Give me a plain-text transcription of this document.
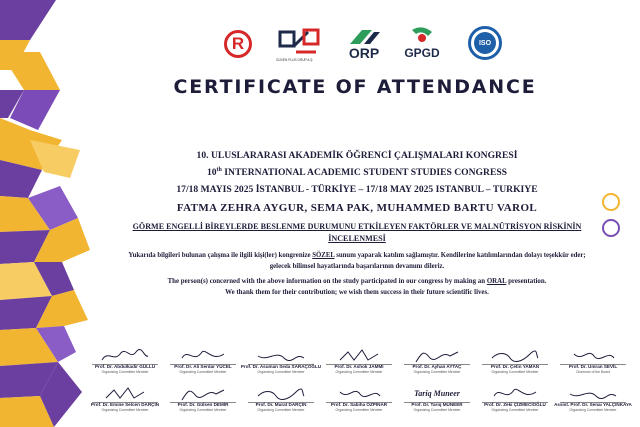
R
GÜVEN PLUS GRUP A.Ş.	ORP	GPGD
ISO
CERTIFICATE OF ATTENDANCE
10. ULUSLARARASI AKADEMİK ÖĞRENCİ ÇALIŞMALARI KONGRESİ
10th INTERNATIONAL ACADEMIC STUDENT STUDIES CONGRESS
17/18 MAYIS 2025 İSTANBUL - TÜRKİYE – 17/18 MAY 2025 ISTANBUL – TURKIYE
FATMA ZEHRA AYGUR, SEMA PAK, MUHAMMED BARTU VAROL
GÖRME ENGELLİ BİREYLERDE BESLENME DURUMUNU ETKİLEYEN FAKTÖRLER VE MALNÜTRİSYON RİSKİNİN İNCELENMESİ
Yukarıda bilgileri bulunan çalışma ile ilgili kişi(ler) kongrenize SÖZEL sunum yaparak katılım sağlamıştır. Kendilerine katılımlarından dolayı teşekkür eder; gelecek bilimsel hayatlarında başarılarının devamını dileriz.
The person(s) concerned with the above information on the study participated in our congress by making an ORAL presentation.
We thank them for their contribution; we wish them success in their future scientific lives.
Prof. Dr. Abdulkadir GÜLLÜ
Organizing Committee Member
Prof. Dr. Ali Serdar YÜCEL
Organizing Committee Member
Prof. Dr. Asuman Seda SARAÇOĞLU
Organizing Committee Member
Prof. Dr. Ashok JAMMI
Organizing Committee Member
Prof. Dr. Ayhan AYTAÇ
Organizing Committee Member
Prof. Dr. Çetin YAMAN
Organizing Committee Member
Prof. Dr. Umran SEVİL
Chairman of the Board
Prof. Dr. Emine Selcen DARÇIN
Organizing Committee Member
Prof. Dr. Gülsen DEMİR
Organizing Committee Member
Prof. Dr. Murat DARÇIN
Organizing Committee Member
Prof. Dr. Sabiha ÖZPINAR
Organizing Committee Member
Tariq Muneer
Prof. Dr. Tariq MUNEER
Organizing Committee Member
Prof. Dr. Zeki ÇİZMECİOĞLU
Organizing Committee Member
Assist. Prof. Dr. Senai YALÇINKAYA
Organizing Committee Member
